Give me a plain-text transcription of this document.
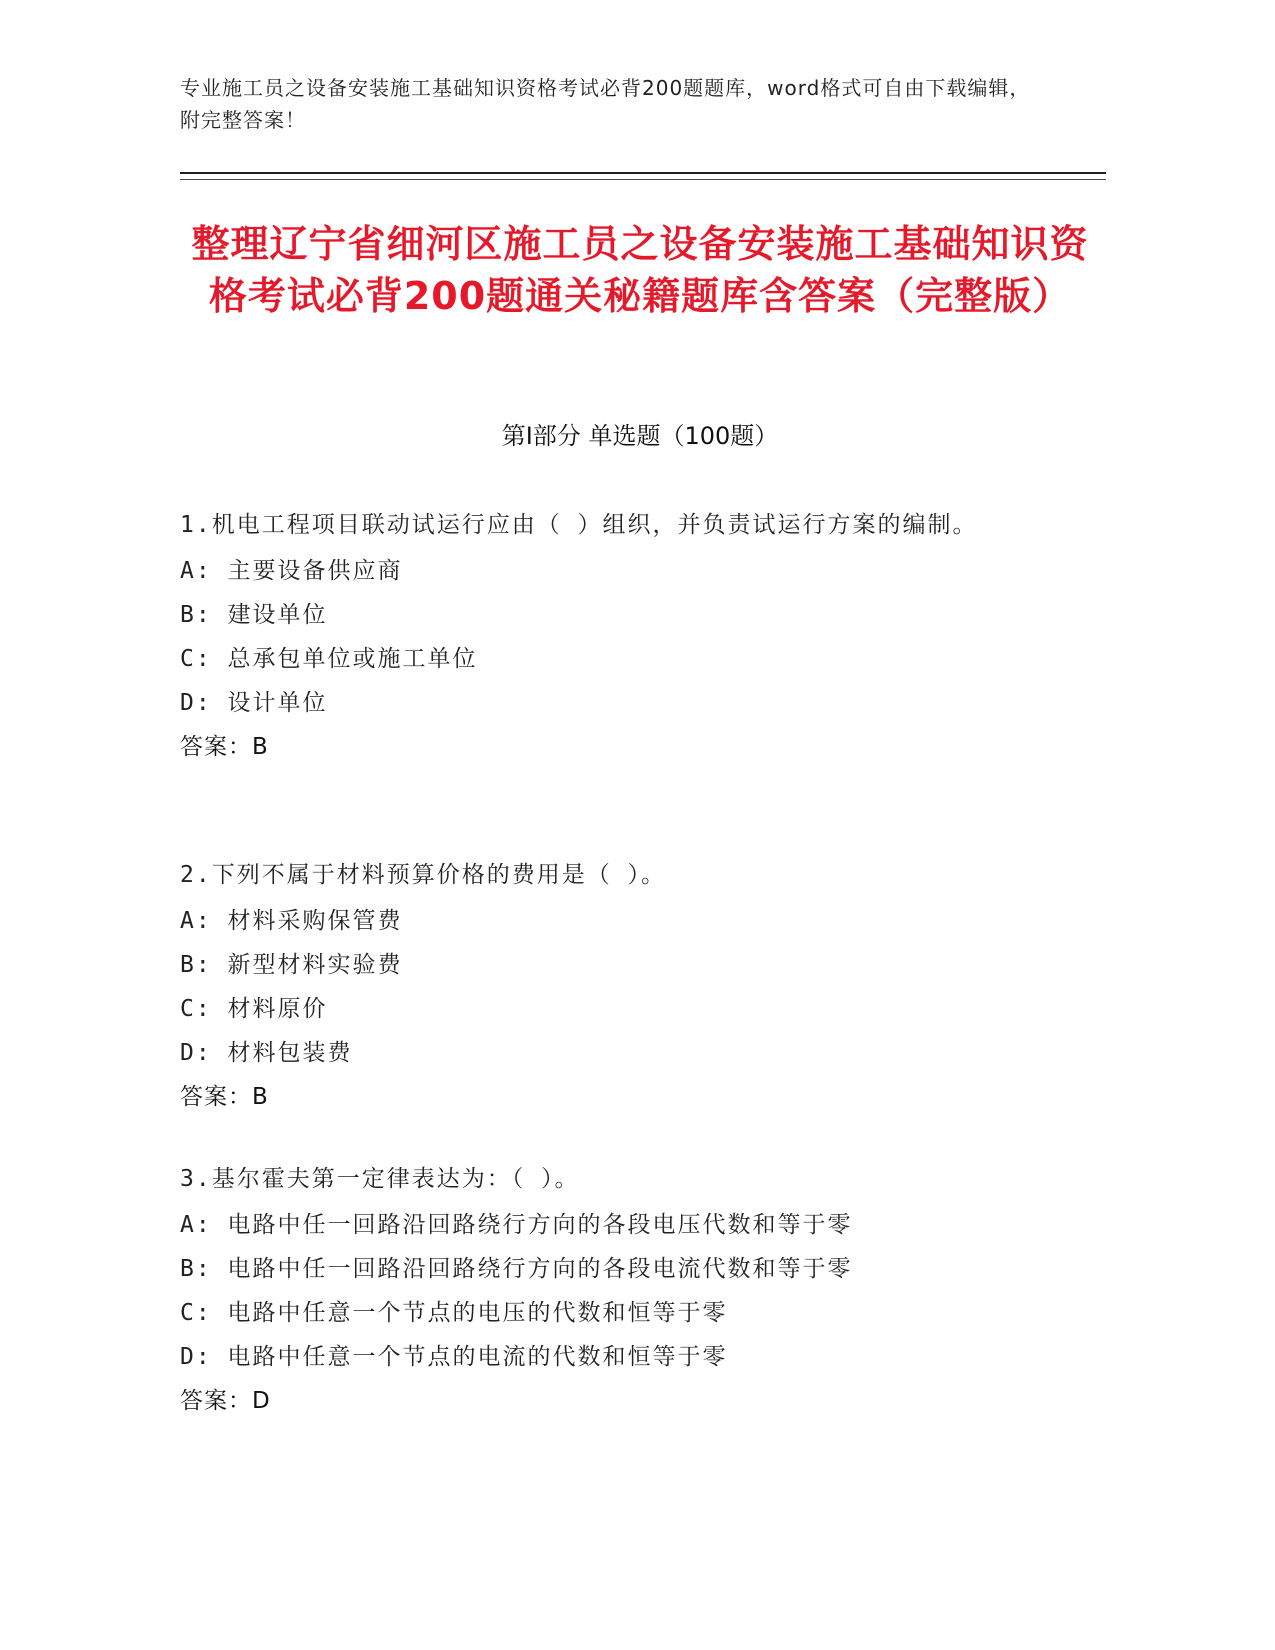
专业施工员之设备安装施工基础知识资格考试必背200题题库，word格式可自由下载编辑，附完整答案！
整理辽宁省细河区施工员之设备安装施工基础知识资格考试必背200题通关秘籍题库含答案（完整版）
第Ⅰ部分 单选题（100题）

1.机电工程项目联动试运行应由（ ）组织，并负责试运行方案的编制。

A: 主要设备供应商

B: 建设单位

C: 总承包单位或施工单位

D: 设计单位

答案：B

2.下列不属于材料预算价格的费用是（ ）。

A: 材料采购保管费

B: 新型材料实验费

C: 材料原价

D: 材料包装费

答案：B

3.基尔霍夫第一定律表达为：（ ）。

A: 电路中任一回路沿回路绕行方向的各段电压代数和等于零

B: 电路中任一回路沿回路绕行方向的各段电流代数和等于零

C: 电路中任意一个节点的电压的代数和恒等于零

D: 电路中任意一个节点的电流的代数和恒等于零

答案：D
